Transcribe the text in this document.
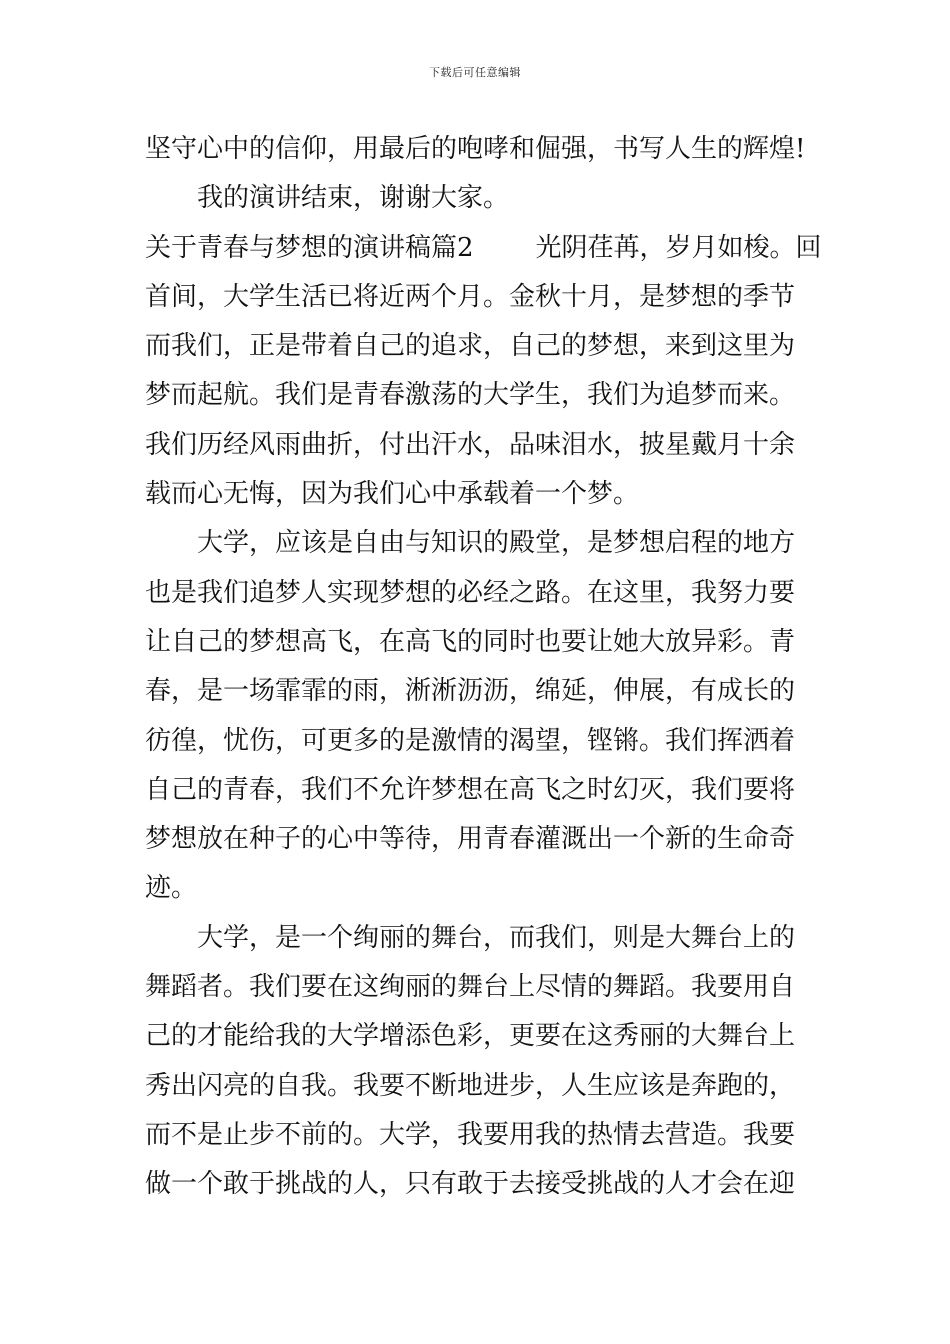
下载后可任意编辑
坚守心中的信仰，用最后的咆哮和倔强，书写人生的辉煌!
我的演讲结束，谢谢大家。
关于青春与梦想的演讲稿篇2 光阴荏苒，岁月如梭。回
首间，大学生活已将近两个月。金秋十月，是梦想的季节
而我们，正是带着自己的追求，自己的梦想，来到这里为
梦而起航。我们是青春激荡的大学生，我们为追梦而来。
我们历经风雨曲折，付出汗水，品味泪水，披星戴月十余
载而心无悔，因为我们心中承载着一个梦。
大学，应该是自由与知识的殿堂，是梦想启程的地方
也是我们追梦人实现梦想的必经之路。在这里，我努力要
让自己的梦想高飞，在高飞的同时也要让她大放异彩。青
春，是一场霏霏的雨，淅淅沥沥，绵延，伸展，有成长的
彷徨，忧伤，可更多的是激情的渴望，铿锵。我们挥洒着
自己的青春，我们不允许梦想在高飞之时幻灭，我们要将
梦想放在种子的心中等待，用青春灌溉出一个新的生命奇
迹。
大学，是一个绚丽的舞台，而我们，则是大舞台上的
舞蹈者。我们要在这绚丽的舞台上尽情的舞蹈。我要用自
己的才能给我的大学增添色彩，更要在这秀丽的大舞台上
秀出闪亮的自我。我要不断地进步，人生应该是奔跑的，
而不是止步不前的。大学，我要用我的热情去营造。我要
做一个敢于挑战的人，只有敢于去接受挑战的人才会在迎
